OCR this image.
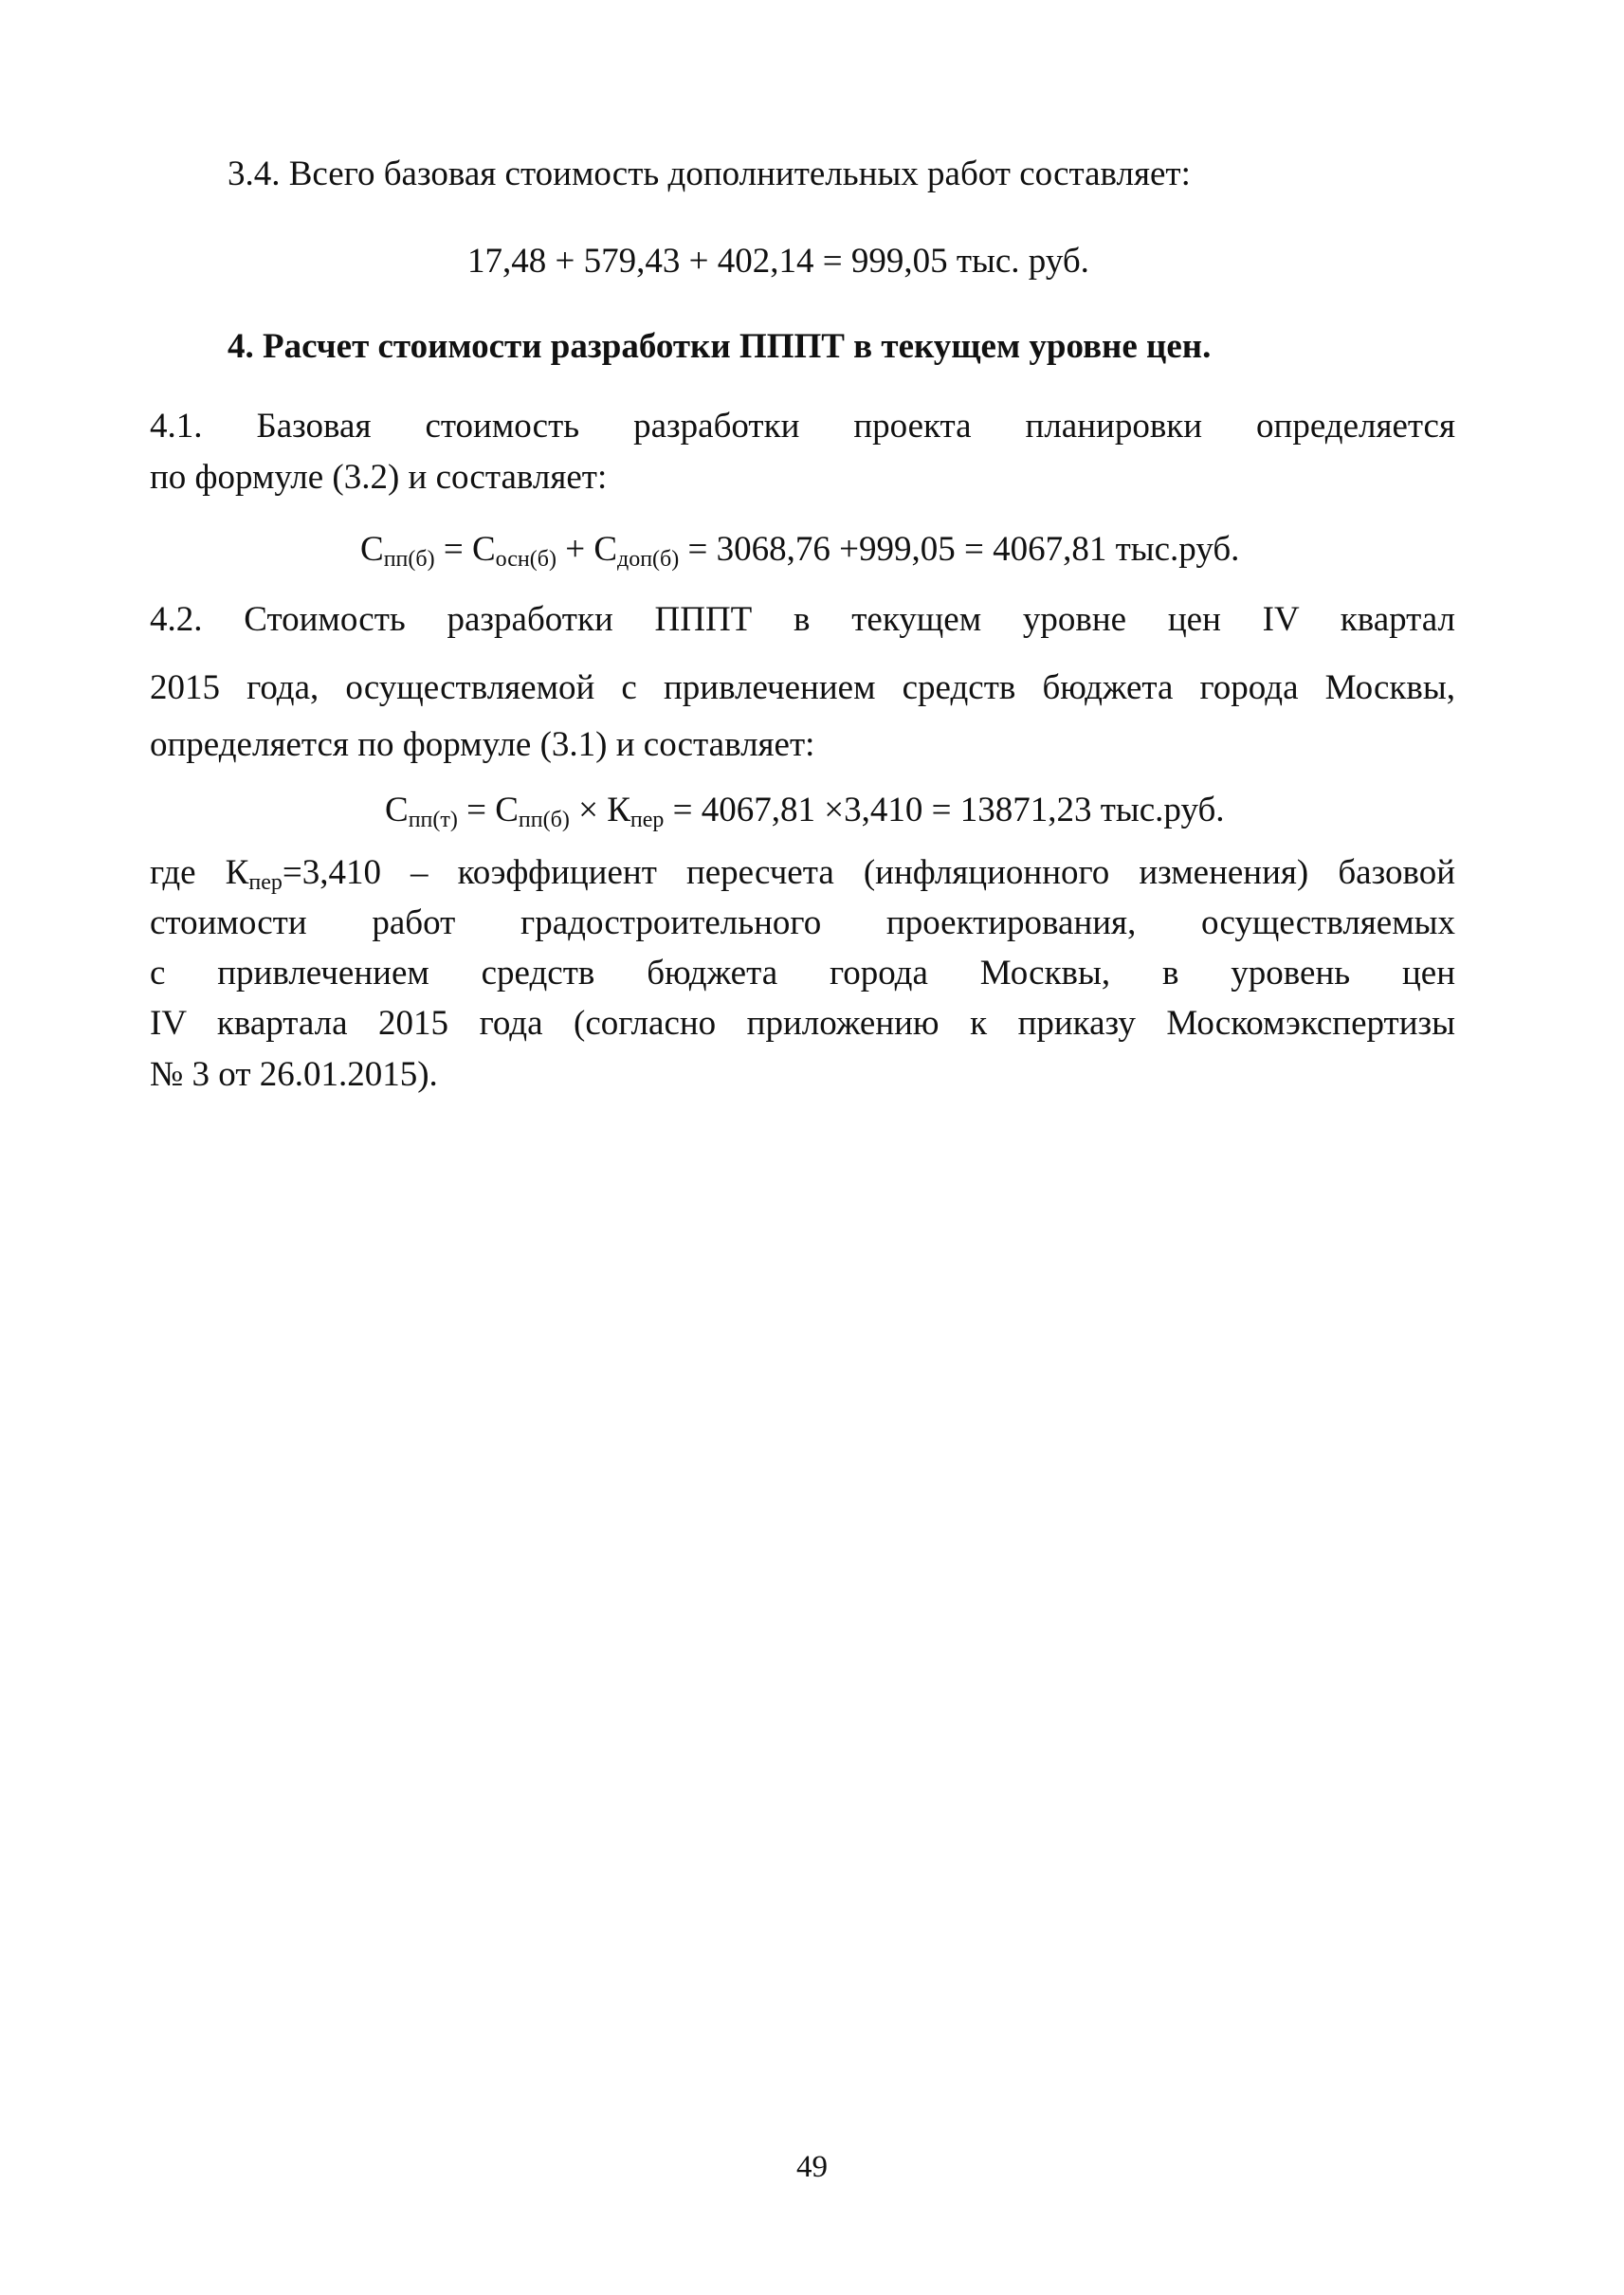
3.4. Всего базовая стоимость дополнительных работ составляет:
17,48 + 579,43 + 402,14 = 999,05 тыс. руб.
4. Расчет стоимости разработки ПППТ в текущем уровне цен.
4.1. Базовая стоимость разработки проекта планировки определяется
по формуле (3.2) и составляет:
$С_{пп(б)} = С_{осн(б)} + С_{доп(б)} = 3068,76 +999,05 = 4067,81$ тыс.руб.
4.2. Стоимость разработки ПППТ в текущем уровне цен IV квартал
2015 года, осуществляемой с привлечением средств бюджета города Москвы,
определяется по формуле (3.1) и составляет:
$С_{пп(т)} = С_{пп(б)} \times К_{пер} = 4067,81 \times 3,410 = 13871,23$ тыс.руб.
где $К_{пер}=3,410$ – коэффициент пересчета (инфляционного изменения) базовой
стоимости работ градостроительного проектирования, осуществляемых
с привлечением средств бюджета города Москвы, в уровень цен
IV квартала 2015 года (согласно приложению к приказу Москомэкспертизы
№ 3 от 26.01.2015).
49
